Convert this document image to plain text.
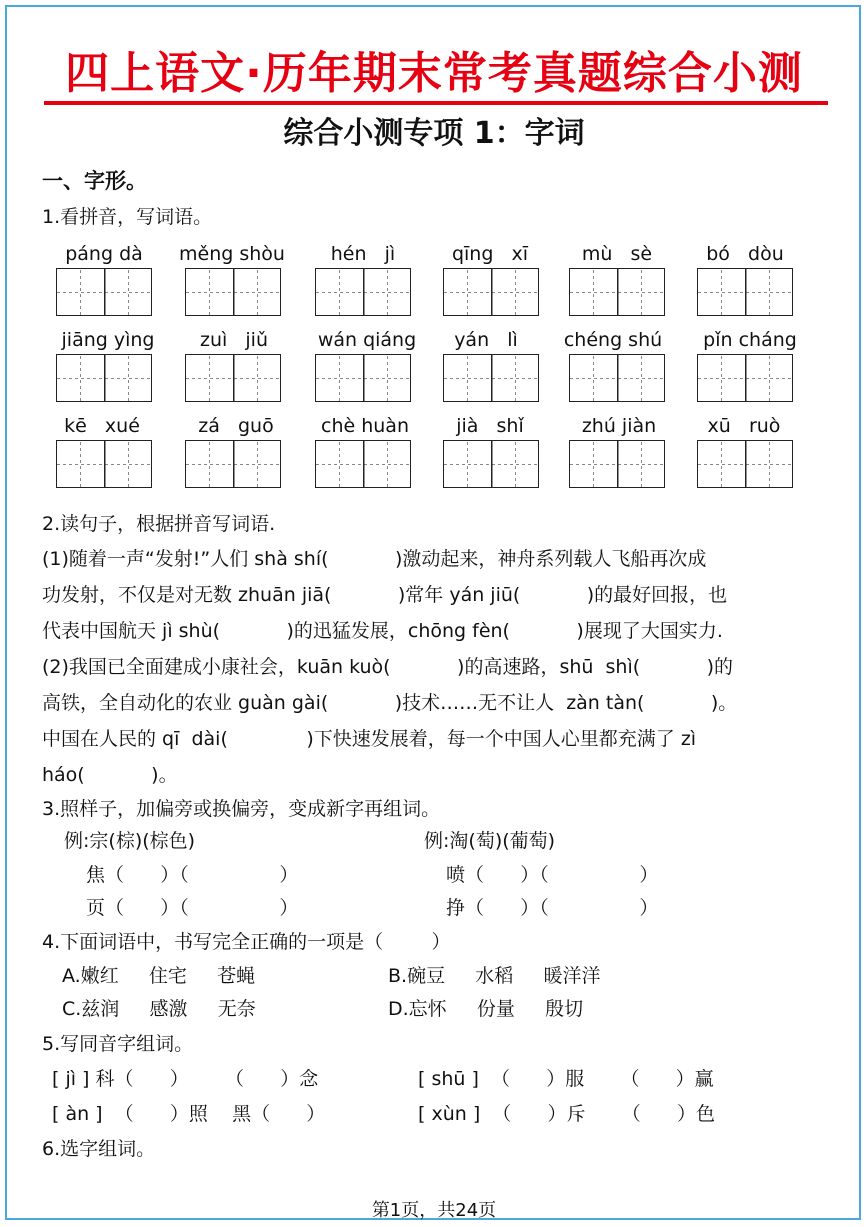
四上语文·历年期末常考真题综合小测
综合小测专项 1：字词
一、字形。
1.看拼音，写词语。
páng dà	měng shòu	hén   jì	qīng   xī	mù   sè	bó   dòu
jiāng yìng	zuì   jiǔ	wán qiáng	yán   lì	chéng shú	pǐn cháng
kē   xué	zá   guō	chè huàn	jià   shǐ	zhú jiàn	xū   ruò
2.读句子，根据拼音写词语.
(1)随着一声“发射!”人们 shà shí(           )激动起来，神舟系列载人飞船再次成
功发射，不仅是对无数 zhuān jiā(           )常年 yán jiū(           )的最好回报，也
代表中国航天 jì shù(           )的迅猛发展，chōng fèn(           )展现了大国实力.
(2)我国已全面建成小康社会，kuān kuò(           )的高速路，shū  shì(           )的
高铁，全自动化的农业 guàn gài(           )技术……无不让人  zàn tàn(           )。
中国在人民的 qī  dài(             )下快速发展着，每一个中国人心里都充满了 zì
háo(           )。
3.照样子，加偏旁或换偏旁，变成新字再组词。
例:宗(棕)(棕色)	例:淘(萄)(葡萄)
焦（      ）（               ）	喷（      ）（               ）
页（      ）（               ）	挣（      ）（               ）
4.下面词语中，书写完全正确的一项是（        ）
A.嫩红     住宅     苍蝇	B.碗豆     水稻     暖洋洋
C.兹润     感激     无奈	D.忘怀     份量     殷切
5.写同音字组词。
[ jì ] 科（      ）      （      ）念	[ shū ]  （      ）服      （      ）赢
[ àn ]  （      ）照    黑（      ）	[ xùn ]  （      ）斥      （      ）色
6.选字组词。
第1页，共24页
